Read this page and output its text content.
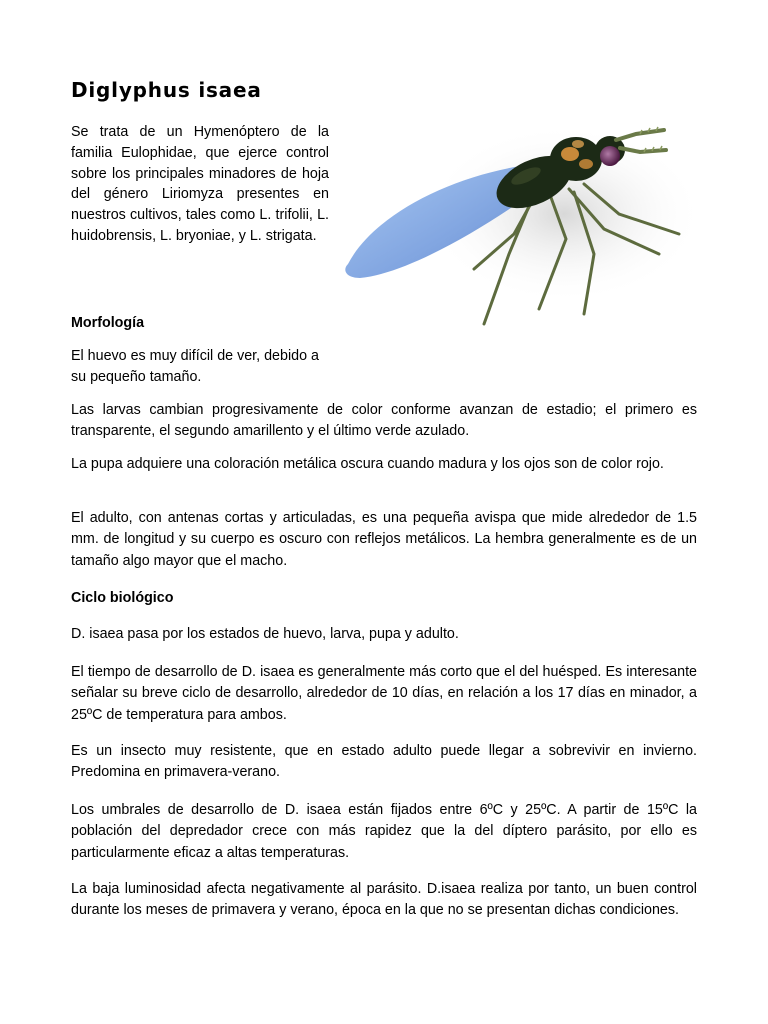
Diglyphus isaea

Se trata de un Hymenóptero de la familia Eulophidae, que ejerce control sobre los principales minadores de hoja del género Liriomyza presentes en nuestros cultivos, tales como L. trifolii, L. huidobrensis, L. bryoniae, y L. strigata.

Morfología

El huevo es muy difícil de ver, debido a su pequeño tamaño.

Las larvas cambian progresivamente de color conforme avanzan de estadio; el primero es transparente, el segundo amarillento y el último verde azulado.

La pupa adquiere una coloración metálica oscura cuando madura y los ojos son de color rojo.

El adulto, con antenas cortas y articuladas, es una pequeña avispa que mide alrededor de 1.5 mm. de longitud y su cuerpo es oscuro con reflejos metálicos. La hembra generalmente es de un tamaño algo mayor que el macho.

Ciclo biológico

D. isaea pasa por los estados de huevo, larva, pupa y adulto.

El tiempo de desarrollo de D. isaea es generalmente más corto que el del huésped. Es interesante señalar su breve ciclo de desarrollo, alrededor de 10 días, en relación a los 17 días en minador, a 25ºC de temperatura para ambos.

Es un insecto muy resistente, que en estado adulto puede llegar a sobrevivir en invierno. Predomina en primavera-verano.

Los umbrales de desarrollo de D. isaea están fijados entre 6ºC y 25ºC. A partir de 15ºC la población del depredador crece con más rapidez que la del díptero parásito, por ello es particularmente eficaz a altas temperaturas.

La baja luminosidad afecta negativamente al parásito. D.isaea realiza por tanto, un buen control durante los meses de primavera y verano, época en la que no se presentan dichas condiciones.
